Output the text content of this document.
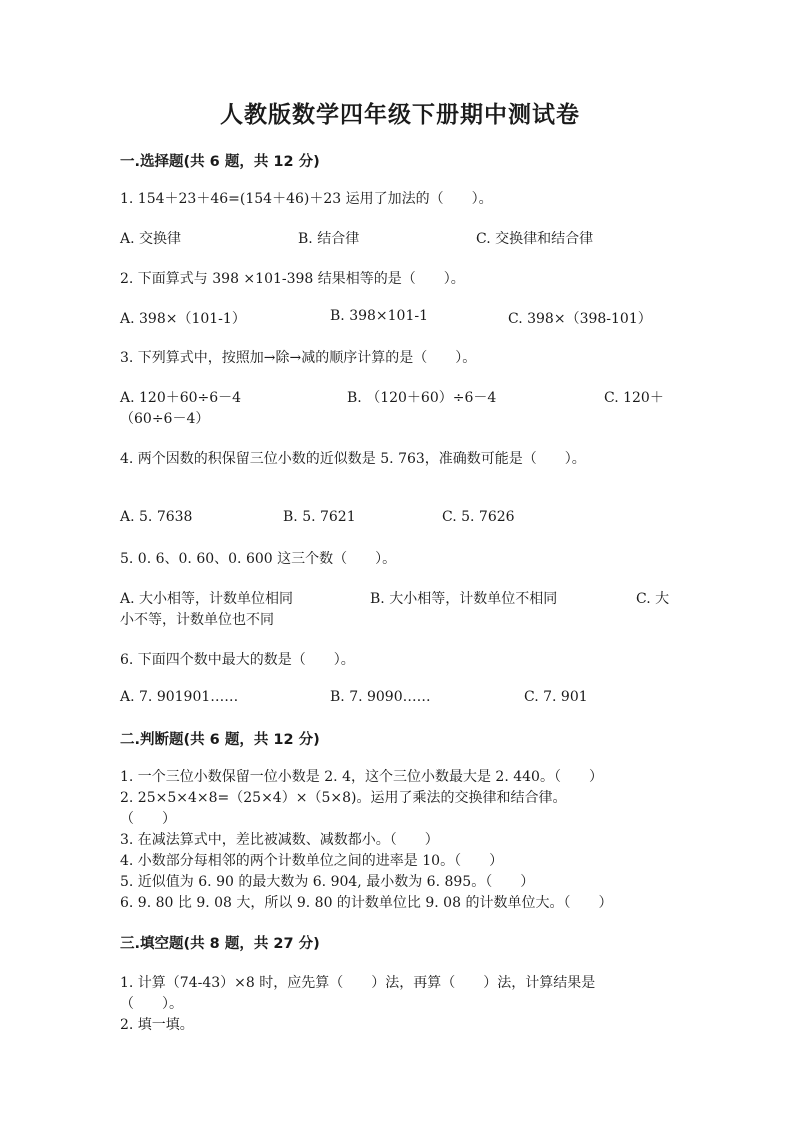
人教版数学四年级下册期中测试卷
一.选择题(共 6 题，共 12 分)
1. 154＋23＋46=(154＋46)＋23 运用了加法的（　　）。
A. 交换律	B. 结合律	C. 交换律和结合律
2. 下面算式与 398 ×101-398 结果相等的是（　　）。
A. 398×（101-1）	B. 398×101-1	C. 398×（398-101）
3. 下列算式中，按照加→除→减的顺序计算的是（　　）。
A. 120＋60÷6－4	B. （120＋60）÷6－4	C. 120＋
（60÷6－4）
4. 两个因数的积保留三位小数的近似数是 5. 763，准确数可能是（　　）。
A. 5. 7638	B. 5. 7621	C. 5. 7626
5. 0. 6、0. 60、0. 600 这三个数（　　）。
A. 大小相等，计数单位相同	B. 大小相等，计数单位不相同	C. 大
小不等，计数单位也不同
6. 下面四个数中最大的数是（　　）。
A. 7. 901901……	B. 7. 9090……	C. 7. 901
二.判断题(共 6 题，共 12 分)
1. 一个三位小数保留一位小数是 2. 4，这个三位小数最大是 2. 440。（　　）
2. 25×5×4×8=（25×4）×（5×8)。运用了乘法的交换律和结合律。
（　　）
3. 在减法算式中，差比被减数、减数都小。（　　）
4. 小数部分每相邻的两个计数单位之间的进率是 10。（　　）
5. 近似值为 6. 90 的最大数为 6. 904, 最小数为 6. 895。（　　）
6. 9. 80 比 9. 08 大，所以 9. 80 的计数单位比 9. 08 的计数单位大。（　　）
三.填空题(共 8 题，共 27 分)
1. 计算（74-43）×8 时，应先算（　　）法，再算（　　）法，计算结果是
（　　）。
2. 填一填。
